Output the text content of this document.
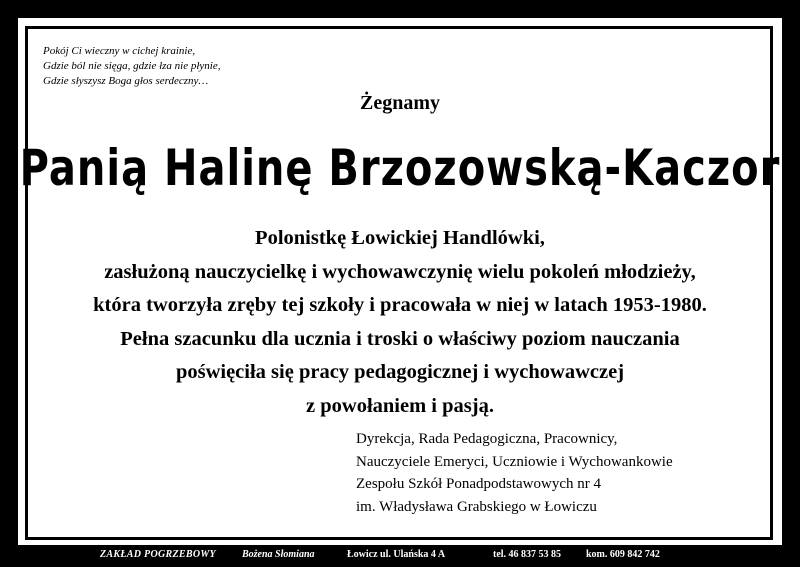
Pokój Ci wieczny w cichej krainie,
Gdzie ból nie sięga, gdzie łza nie płynie,
Gdzie słyszysz Boga głos serdeczny…
Żegnamy
Panią Halinę Brzozowską-Kaczor
Polonistkę Łowickiej Handlówki,
zasłużoną nauczycielkę i wychowawczynię wielu pokoleń młodzieży,
która tworzyła zręby tej szkoły i pracowała w niej w latach 1953-1980.
Pełna szacunku dla ucznia i troski o właściwy poziom nauczania
poświęciła się pracy pedagogicznej i wychowawczej
z powołaniem i pasją.
Dyrekcja, Rada Pedagogiczna, Pracownicy,
Nauczyciele Emeryci, Uczniowie i Wychowankowie
Zespołu Szkół Ponadpodstawowych nr 4
im. Władysława Grabskiego w Łowiczu
ZAKŁAD POGRZEBOWY	Bożena Słomiana	Łowicz ul. Ulańska 4 A	tel. 46 837 53 85 kom. 609 842 742
